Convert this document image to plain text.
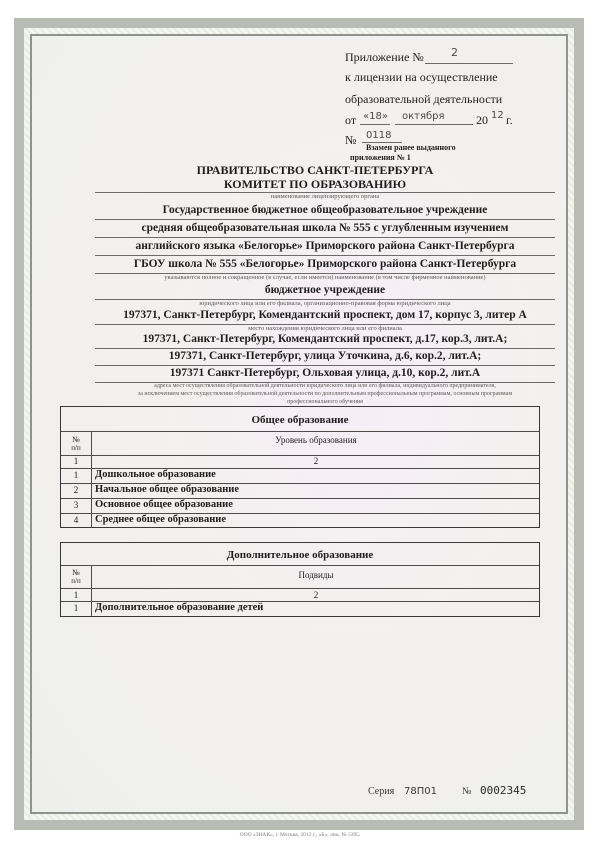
Приложение № 2
к лицензии на осуществление
образовательной деятельности
от «18» октября	20 12 г.
№ 0118
Взамен ранее выданного
приложения № 1
ПРАВИТЕЛЬСТВО САНКТ-ПЕТЕРБУРГА
КОМИТЕТ ПО ОБРАЗОВАНИЮ
наименование лицензирующего органа
Государственное бюджетное общеобразовательное учреждение
средняя общеобразовательная школа № 555 с углубленным изучением
английского языка «Белогорье» Приморского района Санкт-Петербурга
ГБОУ школа № 555 «Белогорье» Приморского района Санкт-Петербурга
указываются полное и сокращенное (в случае, если имеется) наименование (в том числе фирменное наименование)
бюджетное учреждение
юридического лица или его филиала, организационно-правовая форма юридического лица
197371, Санкт-Петербург, Комендантский проспект, дом 17, корпус 3, литер А
место нахождения юридического лица или его филиала
197371, Санкт-Петербург, Комендантский проспект, д.17, кор.3, лит.А;
197371, Санкт-Петербург, улица Уточкина, д.6, кор.2, лит.А;
197371 Санкт-Петербург, Ольховая улица, д.10, кор.2, лит.А
адреса мест осуществления образовательной деятельности юридического лица или его филиала, индивидуального предпринимателя,
за исключением мест осуществления образовательной деятельности по дополнительным профессиональным программам, основным программам
профессионального обучения
Общее образование
№
п/п
Уровень образования
1	2
1	Дошкольное образование
2	Начальное общее образование
3	Основное общее образование
4	Среднее общее образование
Дополнительное образование
№
п/п
Подвиды
1	2
1	Дополнительное образование детей
Серия 78П01	№ 0002345
ООО «ЗНАК», г. Москва, 2012 г., «Б», лиц. № 5395.
